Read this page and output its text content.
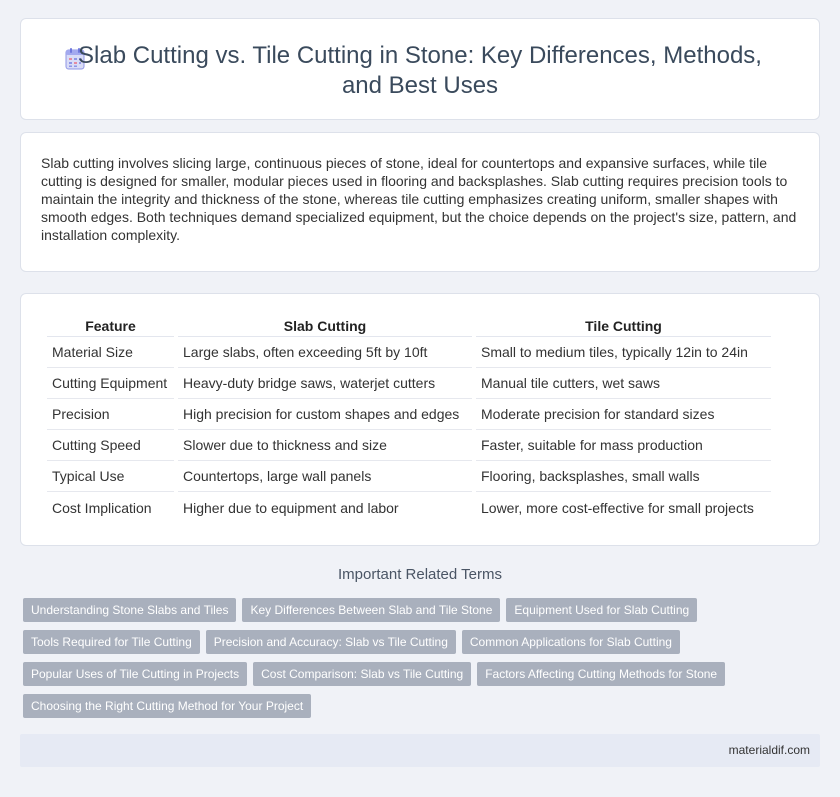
Slab Cutting vs. Tile Cutting in Stone: Key Differences, Methods, and Best Uses

Slab cutting involves slicing large, continuous pieces of stone, ideal for countertops and expansive surfaces, while tile cutting is designed for smaller, modular pieces used in flooring and backsplashes. Slab cutting requires precision tools to maintain the integrity and thickness of the stone, whereas tile cutting emphasizes creating uniform, smaller shapes with smooth edges. Both techniques demand specialized equipment, but the choice depends on the project's size, pattern, and installation complexity.

Feature	Slab Cutting	Tile Cutting
Material Size	Large slabs, often exceeding 5ft by 10ft	Small to medium tiles, typically 12in to 24in
Cutting Equipment	Heavy-duty bridge saws, waterjet cutters	Manual tile cutters, wet saws
Precision	High precision for custom shapes and edges	Moderate precision for standard sizes
Cutting Speed	Slower due to thickness and size	Faster, suitable for mass production
Typical Use	Countertops, large wall panels	Flooring, backsplashes, small walls
Cost Implication	Higher due to equipment and labor	Lower, more cost-effective for small projects
Important Related Terms
Understanding Stone Slabs and Tiles	Key Differences Between Slab and Tile Stone	Equipment Used for Slab Cutting
Tools Required for Tile Cutting	Precision and Accuracy: Slab vs Tile Cutting	Common Applications for Slab Cutting
Popular Uses of Tile Cutting in Projects	Cost Comparison: Slab vs Tile Cutting	Factors Affecting Cutting Methods for Stone
Choosing the Right Cutting Method for Your Project
materialdif.com
